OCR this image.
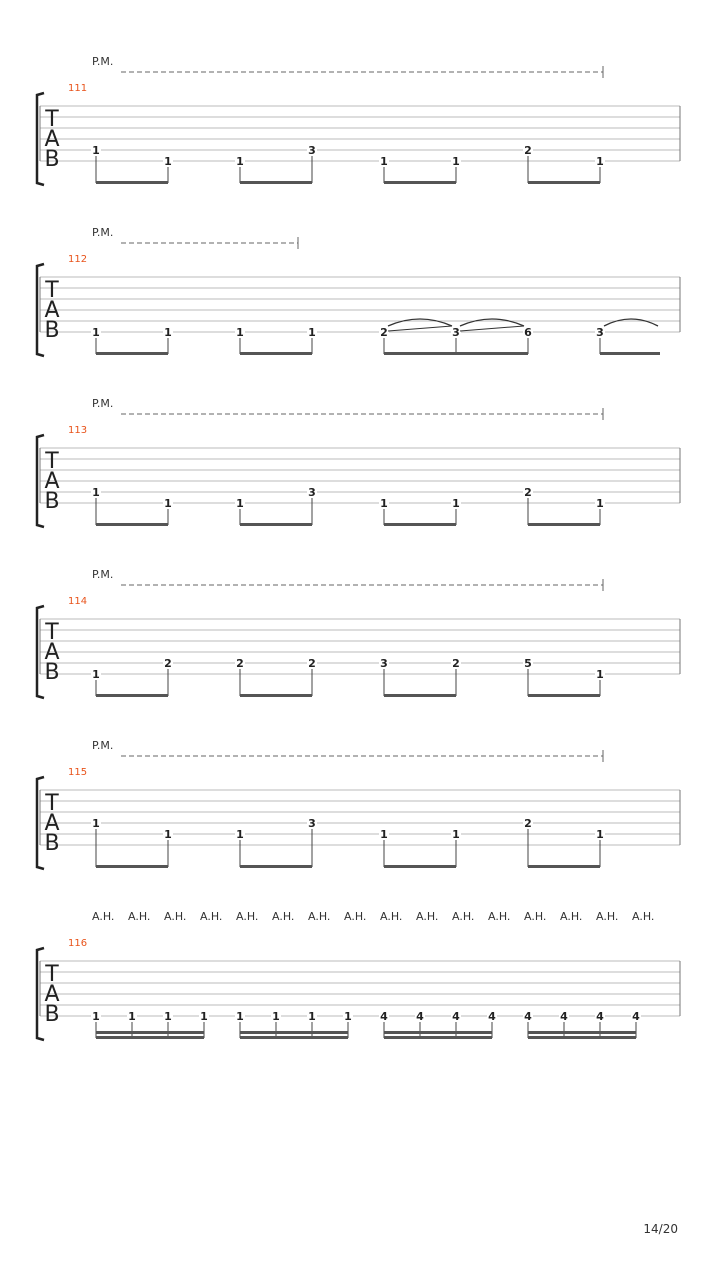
P.M.
111
T
A
B	1
1	1
3
1	1
2
1
P.M.
112
T
A
B	1	1	1	1	2	3	6	3
P.M.
113
T
A
B	1
1	1
3
1	1
2
1
P.M.
114
T
A
B	1
2	2	2	3	2	5
1
P.M.
115
T
A
B
1
1	1
3
1	1
2
1
A.H. A.H. A.H. A.H. A.H. A.H. A.H. A.H. A.H. A.H. A.H. A.H. A.H. A.H. A.H. A.H.
116
T
A
B	1	1	1	1	1	1	1	1	4	4	4	4	4	4	4	4
14/20
